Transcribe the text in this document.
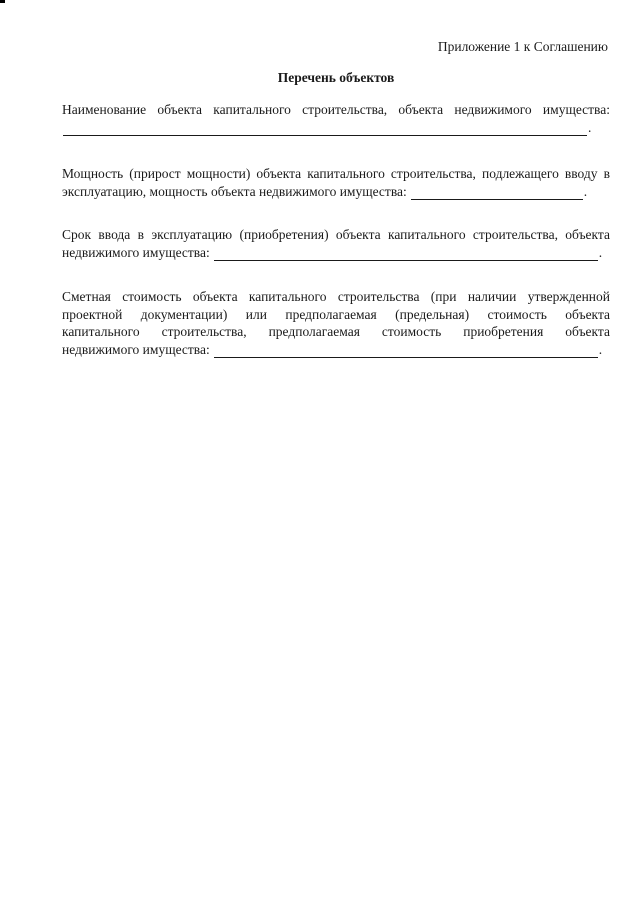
Приложение 1 к Соглашению

Перечень объектов

Наименование объекта капитального строительства, объекта недвижимого имущества:

.

Мощность (прирост мощности) объекта капитального строительства, подлежащего вводу в

эксплуатацию, мощность объекта недвижимого имущества:	.

Срок ввода в эксплуатацию (приобретения) объекта капитального строительства, объекта

недвижимого имущества:	.

Сметная стоимость объекта капитального строительства (при наличии утвержденной

проектной документации) или предполагаемая (предельная) стоимость объекта

капитального строительства, предполагаемая стоимость приобретения объекта

недвижимого имущества:	.
